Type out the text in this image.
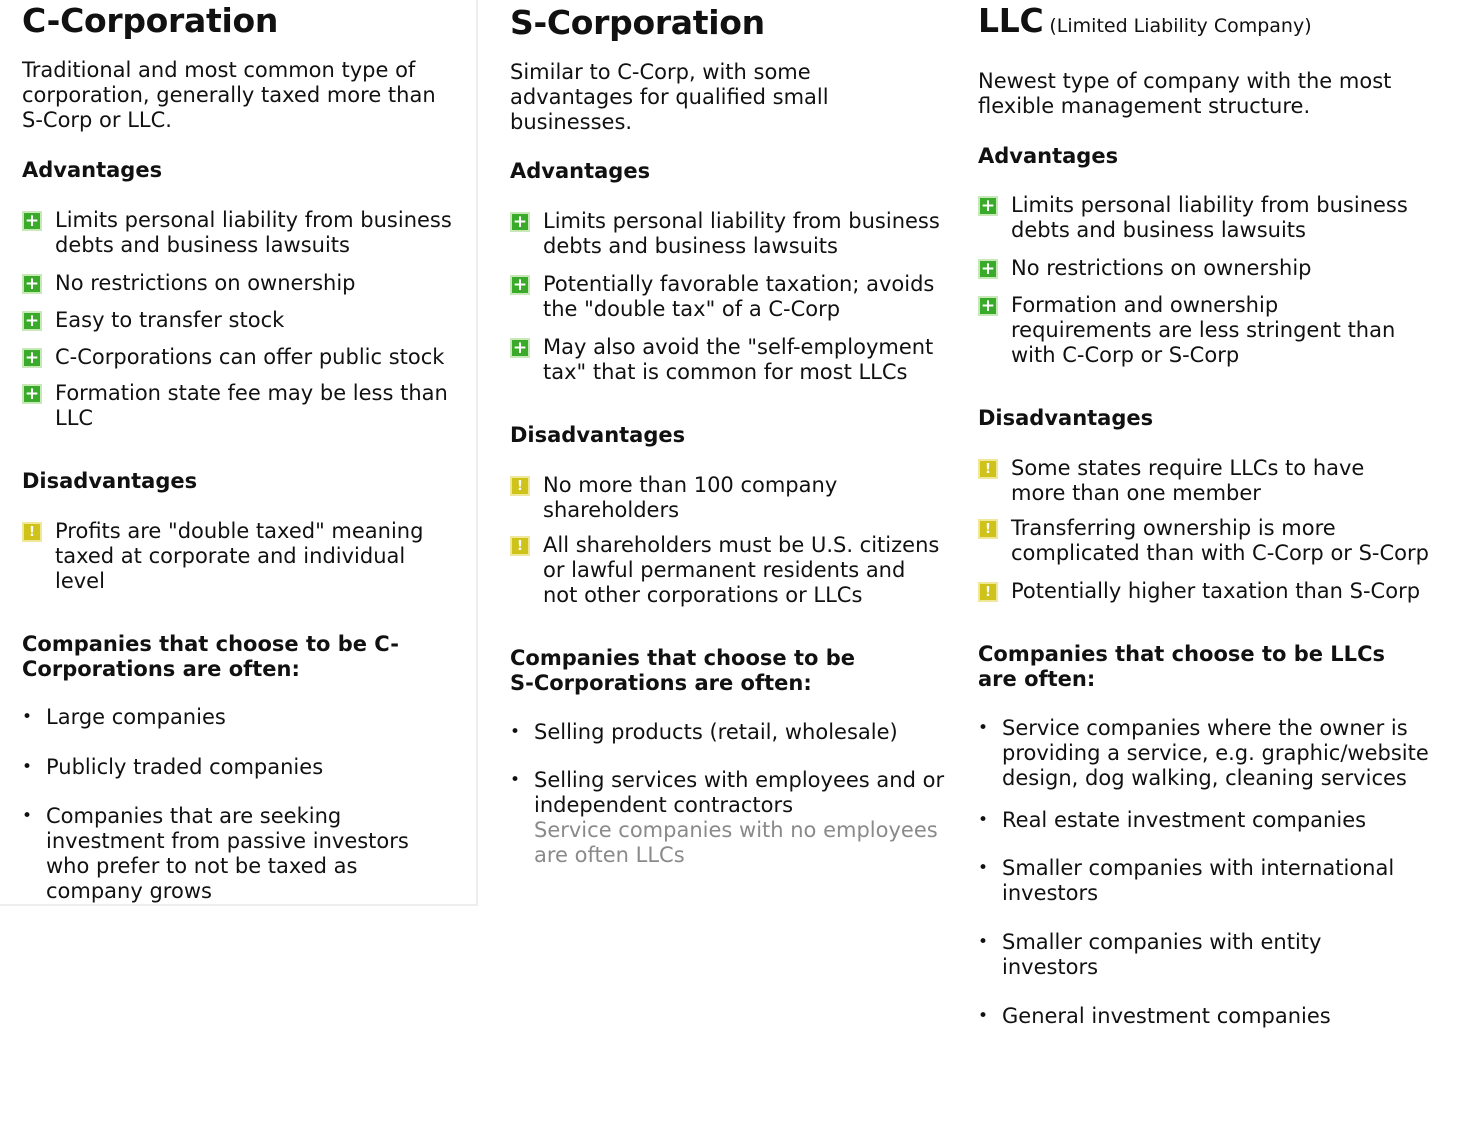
C-Corporation

Traditional and most common type of corporation, generally taxed more than S-Corp or LLC.

Advantages
+ Limits personal liability from business debts and business lawsuits
+ No restrictions on ownership
+ Easy to transfer stock
+ C-Corporations can offer public stock
+ Formation state fee may be less than LLC
Disadvantages
! Profits are "double taxed" meaning taxed at corporate and individual level
Companies that choose to be C-Corporations are often:
• Large companies
• Publicly traded companies
• Companies that are seeking investment from passive investors who prefer to not be taxed as company grows
S-Corporation

Similar to C-Corp, with some advantages for qualified small businesses.

Advantages
+ Limits personal liability from business debts and business lawsuits
+ Potentially favorable taxation; avoids the "double tax" of a C-Corp
+ May also avoid the "self-employment tax" that is common for most LLCs
Disadvantages
! No more than 100 company shareholders
! All shareholders must be U.S. citizens or lawful permanent residents and not other corporations or LLCs
Companies that choose to be S-Corporations are often:
• Selling products (retail, wholesale)
• Selling services with employees and or independent contractors
Service companies with no employees are often LLCs
LLC (Limited Liability Company)

Newest type of company with the most flexible management structure.

Advantages
+ Limits personal liability from business debts and business lawsuits
+ No restrictions on ownership
+ Formation and ownership requirements are less stringent than with C-Corp or S-Corp
Disadvantages
! Some states require LLCs to have more than one member
! Transferring ownership is more complicated than with C-Corp or S-Corp
! Potentially higher taxation than S-Corp
Companies that choose to be LLCs are often:
• Service companies where the owner is providing a service, e.g. graphic/website design, dog walking, cleaning services
• Real estate investment companies
• Smaller companies with international investors
• Smaller companies with entity investors
• General investment companies
